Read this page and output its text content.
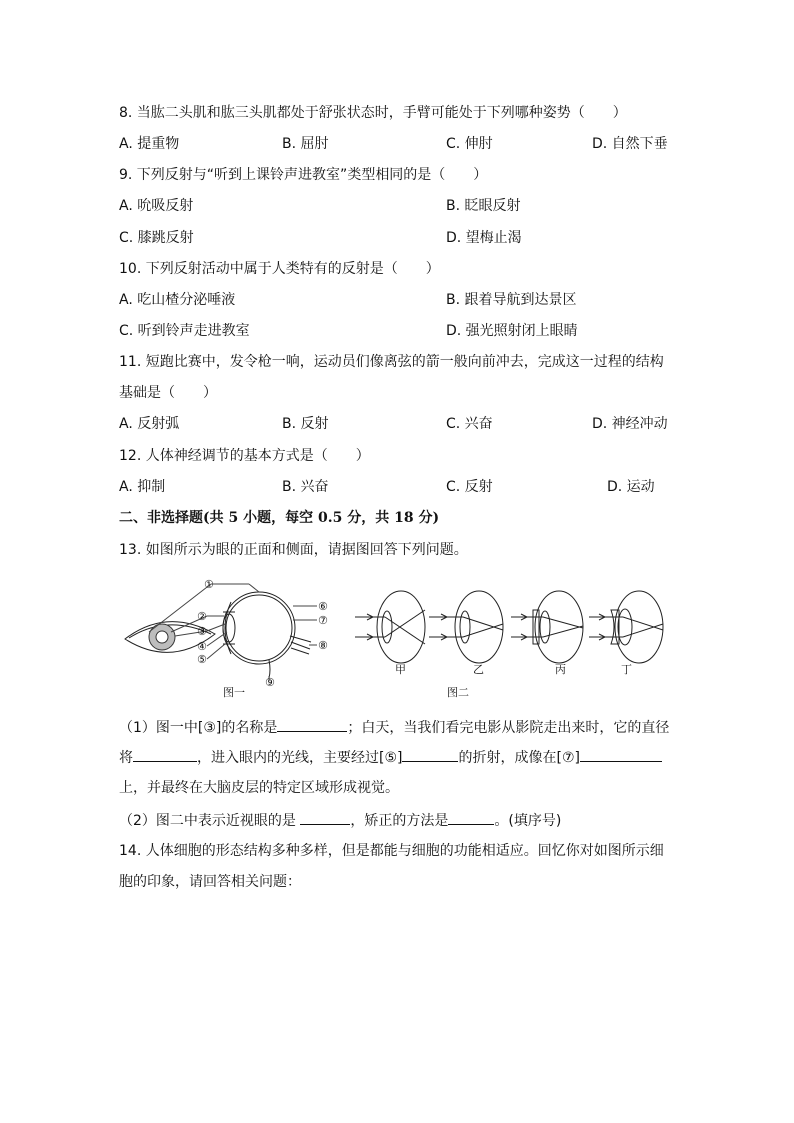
8. 当肱二头肌和肱三头肌都处于舒张状态时，手臂可能处于下列哪种姿势（　　）
A. 提重物	B. 屈肘	C. 伸肘	D. 自然下垂
9. 下列反射与“听到上课铃声进教室”类型相同的是（　　）
A. 吮吸反射	B. 眨眼反射
C. 膝跳反射	D. 望梅止渴
10. 下列反射活动中属于人类特有的反射是（　　）
A. 吃山楂分泌唾液	B. 跟着导航到达景区
C. 听到铃声走进教室	D. 强光照射闭上眼睛
11. 短跑比赛中，发令枪一响，运动员们像离弦的箭一般向前冲去，完成这一过程的结构
基础是（　　）
A. 反射弧	B. 反射	C. 兴奋	D. 神经冲动
12. 人体神经调节的基本方式是（　　）
A. 抑制	B. 兴奋	C. 反射	D. 运动
二、非选择题(共 5 小题，每空 0.5 分，共 18 分)
13. 如图所示为眼的正面和侧面，请据图回答下列问题。
①
②
③
④
⑤
⑥
⑦
⑧
⑨
图一	图二
甲	乙	丙	丁
（1）图一中[③]的名称是	；白天，当我们看完电影从影院走出来时，它的直径
将	，进入眼内的光线，主要经过[⑤]	的折射，成像在[⑦]
上，并最终在大脑皮层的特定区域形成视觉。
（2）图二中表示近视眼的是	，矫正的方法是	。(填序号)
14. 人体细胞的形态结构多种多样，但是都能与细胞的功能相适应。回忆你对如图所示细
胞的印象，请回答相关问题：
